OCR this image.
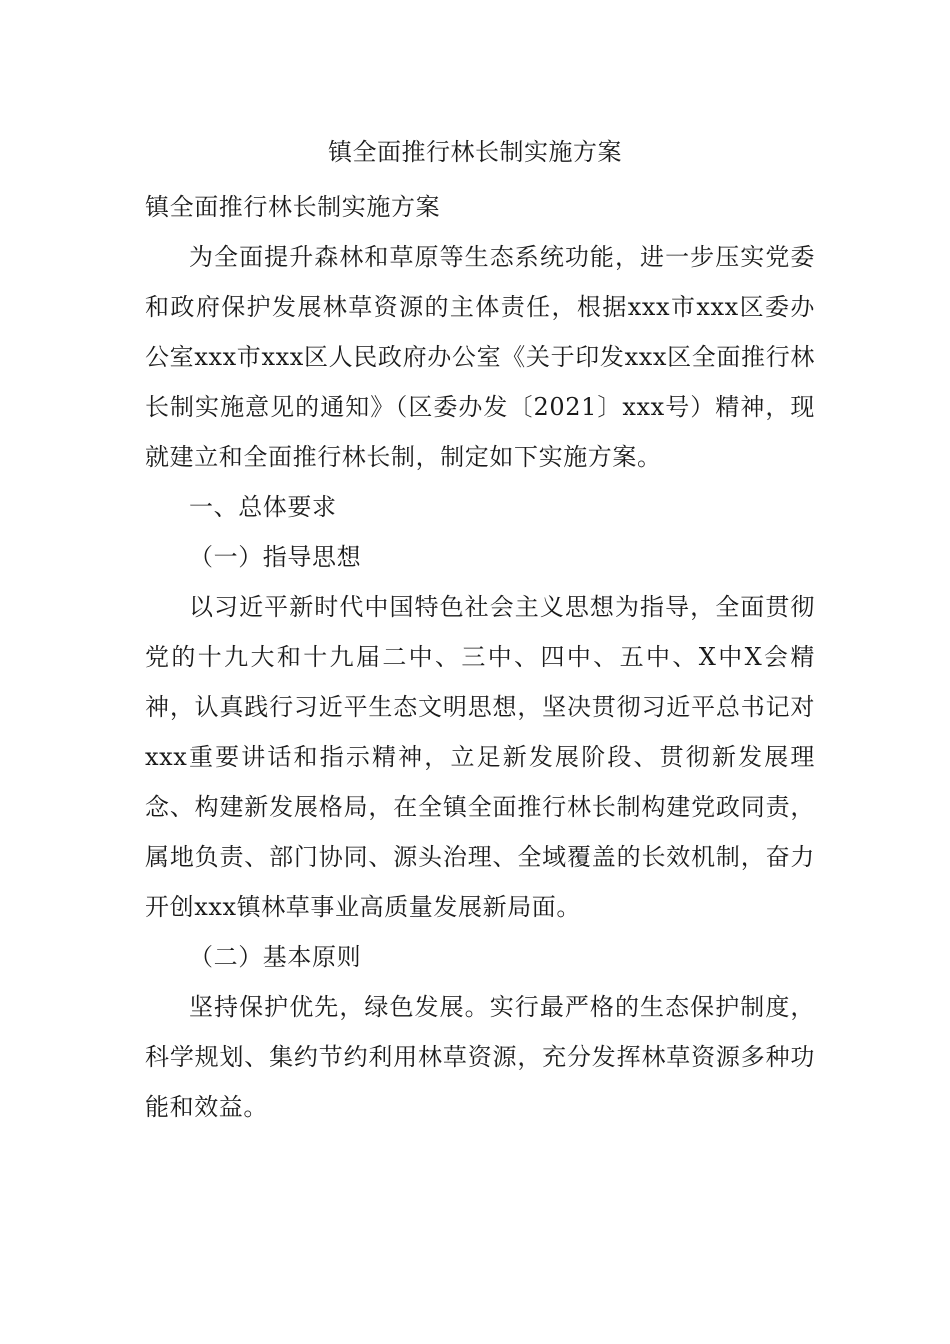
镇全面推行林长制实施方案

镇全面推行林长制实施方案

为全面提升森林和草原等生态系统功能，进一步压实党委和政府保护发展林草资源的主体责任，根据xxx市xxx区委办公室xxx市xxx区人民政府办公室《关于印发xxx区全面推行林长制实施意见的通知》（区委办发〔2021〕xxx号）精神，现就建立和全面推行林长制，制定如下实施方案。

一、总体要求

（一）指导思想

以习近平新时代中国特色社会主义思想为指导，全面贯彻党的十九大和十九届二中、三中、四中、五中、X中X会精神，认真践行习近平生态文明思想，坚决贯彻习近平总书记对xxx重要讲话和指示精神，立足新发展阶段、贯彻新发展理念、构建新发展格局，在全镇全面推行林长制构建党政同责，属地负责、部门协同、源头治理、全域覆盖的长效机制，奋力开创xxx镇林草事业高质量发展新局面。

（二）基本原则

坚持保护优先，绿色发展。实行最严格的生态保护制度，科学规划、集约节约利用林草资源，充分发挥林草资源多种功能和效益。
